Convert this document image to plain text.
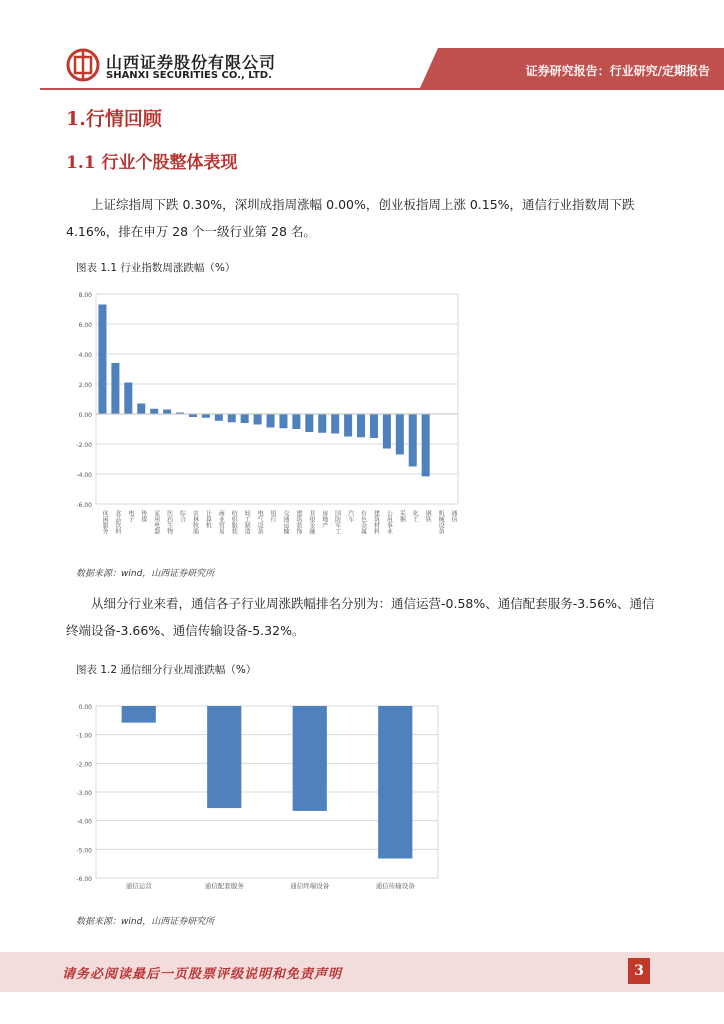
山西证券股份有限公司
SHANXI SECURITIES CO., LTD.	证券研究报告：行业研究/定期报告
1.行情回顾
1.1 行业个股整体表现
上证综指周下跌 0.30%，深圳成指周涨幅 0.00%，创业板指周上涨 0.15%，通信行业指数周下跌 4.16%，排在申万 28 个一级行业第 28 名。
图表 1.1 行业指数周涨跌幅（%）
8.00
6.00
4.00
2.00
0.00
-2.00
-4.00
-6.00
休闲服务 食品饮料 电子 传媒 家用电器 医药生物 综合 农林牧渔 计算机 商业贸易 纺织服装 轻工制造 电气设备 银行 交通运输 建筑装饰 非银金融 房地产 国防军工 汽车 有色金属 建筑材料 公用事业 采掘 化工 钢铁 机械设备 通信
数据来源：wind，山西证券研究所
从细分行业来看，通信各子行业周涨跌幅排名分别为：通信运营-0.58%、通信配套服务-3.56%、通信终端设备-3.66%、通信传输设备-5.32%。
图表 1.2 通信细分行业周涨跌幅（%）
0.00
-1.00
-2.00
-3.00
-4.00
-5.00
-6.00
通信运营	通信配套服务	通信终端设备	通信传输设备
数据来源：wind，山西证券研究所
请务必阅读最后一页股票评级说明和免责声明	3
